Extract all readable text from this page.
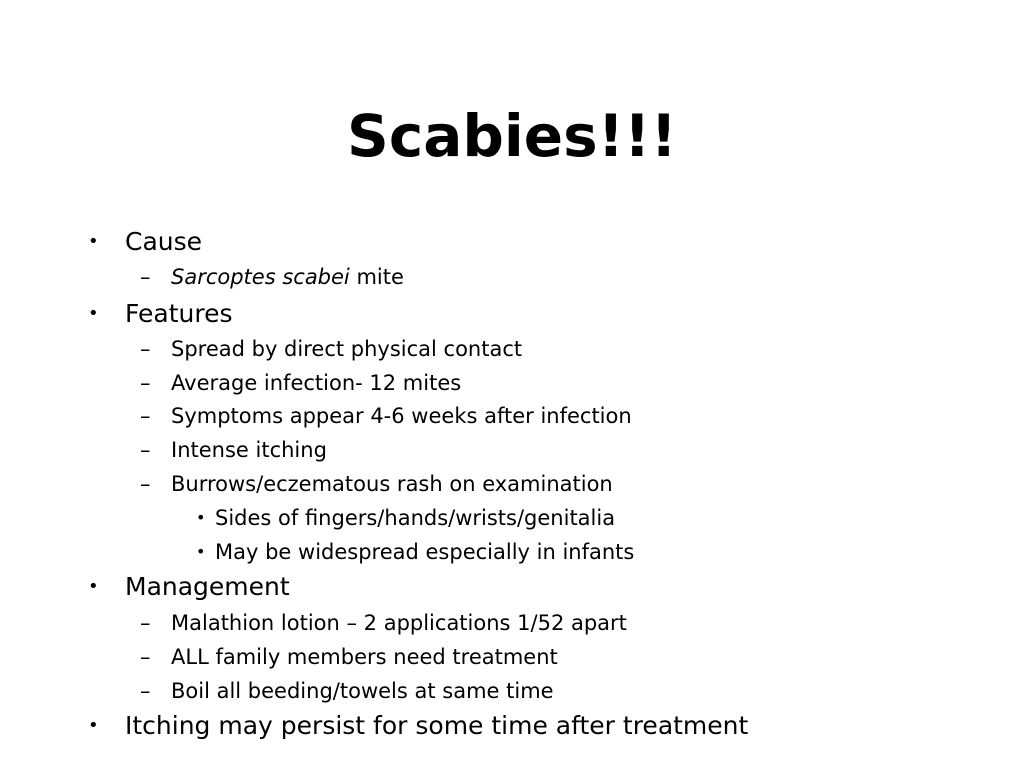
Scabies!!!
• Cause
– Sarcoptes scabei mite
• Features
– Spread by direct physical contact
– Average infection- 12 mites
– Symptoms appear 4-6 weeks after infection
– Intense itching
– Burrows/eczematous rash on examination
• Sides of fingers/hands/wrists/genitalia
• May be widespread especially in infants
• Management
– Malathion lotion – 2 applications 1/52 apart
– ALL family members need treatment
– Boil all beeding/towels at same time
• Itching may persist for some time after treatment
